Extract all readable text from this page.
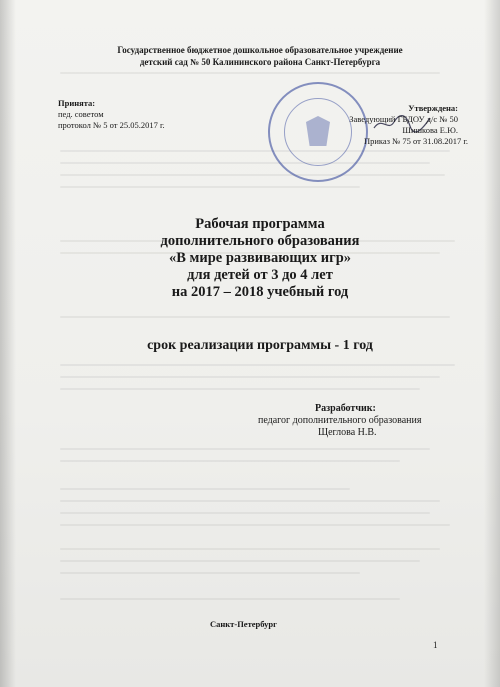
Государственное бюджетное дошкольное образовательное учреждение
детский сад № 50 Калининского района Санкт-Петербурга
Принята:
пед. советом
протокол № 5 от 25.05.2017 г.
Утверждена:
Заведующий ГБДОУ д/с № 50
Шишкова Е.Ю.
Приказ № 75 от 31.08.2017 г.
Рабочая программа
дополнительного образования
«В мире развивающих игр»
для детей от 3 до 4 лет
на 2017 – 2018 учебный год
срок реализации программы - 1 год
Разработчик:
педагог дополнительного образования
Щеглова Н.В.
Санкт-Петербург
1
